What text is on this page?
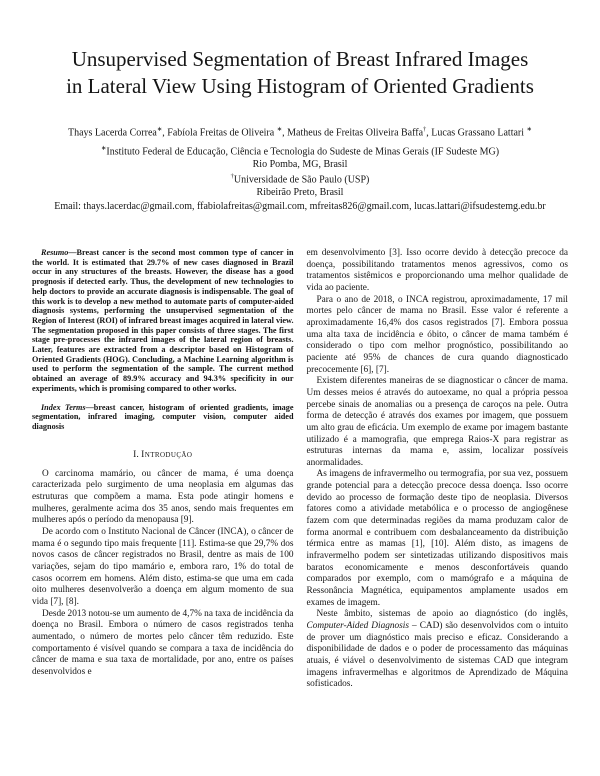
Unsupervised Segmentation of Breast Infrared Images in Lateral View Using Histogram of Oriented Gradients
Thays Lacerda Correa∗, Fabíola Freitas de Oliveira ∗, Matheus de Freitas Oliveira Baffa†, Lucas Grassano Lattari ∗
∗Instituto Federal de Educação, Ciência e Tecnologia do Sudeste de Minas Gerais (IF Sudeste MG)
Rio Pomba, MG, Brasil
†Universidade de São Paulo (USP)
Ribeirão Preto, Brasil
Email: thays.lacerdac@gmail.com, ffabiolafreitas@gmail.com, mfreitas826@gmail.com, lucas.lattari@ifsudestemg.edu.br

Resumo—Breast cancer is the second most common type of cancer in the world. It is estimated that 29.7% of new cases diagnosed in Brazil occur in any structures of the breasts. However, the disease has a good prognosis if detected early. Thus, the development of new technologies to help doctors to provide an accurate diagnosis is indispensable. The goal of this work is to develop a new method to automate parts of computer-aided diagnosis systems, performing the unsupervised segmentation of the Region of Interest (ROI) of infrared breast images acquired in lateral view. The segmentation proposed in this paper consists of three stages. The first stage pre-processes the infrared images of the lateral region of breasts. Later, features are extracted from a descriptor based on Histogram of Oriented Gradients (HOG). Concluding, a Machine Learning algorithm is used to perform the segmentation of the sample. The current method obtained an average of 89.9% accuracy and 94.3% specificity in our experiments, which is promising compared to other works.

Index Terms—breast cancer, histogram of oriented gradients, image segmentation, infrared imaging, computer vision, computer aided diagnosis

I. Introdução

O carcinoma mamário, ou câncer de mama, é uma doença caracterizada pelo surgimento de uma neoplasia em algumas das estruturas que compõem a mama. Esta pode atingir homens e mulheres, geralmente acima dos 35 anos, sendo mais frequentes em mulheres após o período da menopausa [9].

De acordo com o Instituto Nacional de Câncer (INCA), o câncer de mama é o segundo tipo mais frequente [11]. Estima-se que 29,7% dos novos casos de câncer registrados no Brasil, dentre as mais de 100 variações, sejam do tipo mamário e, embora raro, 1% do total de casos ocorrem em homens. Além disto, estima-se que uma em cada oito mulheres desenvolverão a doença em algum momento de sua vida [7], [8].

Desde 2013 notou-se um aumento de 4,7% na taxa de incidência da doença no Brasil. Embora o número de casos registrados tenha aumentado, o número de mortes pelo câncer têm reduzido. Este comportamento é visível quando se compara a taxa de incidência do câncer de mama e sua taxa de mortalidade, por ano, entre os países desenvolvidos e

em desenvolvimento [3]. Isso ocorre devido à detecção precoce da doença, possibilitando tratamentos menos agressivos, como os tratamentos sistêmicos e proporcionando uma melhor qualidade de vida ao paciente.

Para o ano de 2018, o INCA registrou, aproximadamente, 17 mil mortes pelo câncer de mama no Brasil. Esse valor é referente a aproximadamente 16,4% dos casos registrados [7]. Embora possua uma alta taxa de incidência e óbito, o câncer de mama também é considerado o tipo com melhor prognóstico, possibilitando ao paciente até 95% de chances de cura quando diagnosticado precocemente [6], [7].

Existem diferentes maneiras de se diagnosticar o câncer de mama. Um desses meios é através do autoexame, no qual a própria pessoa percebe sinais de anomalias ou a presença de caroços na pele. Outra forma de detecção é através dos exames por imagem, que possuem um alto grau de eficácia. Um exemplo de exame por imagem bastante utilizado é a mamografia, que emprega Raios-X para registrar as estruturas internas da mama e, assim, localizar possíveis anormalidades.

As imagens de infravermelho ou termografia, por sua vez, possuem grande potencial para a detecção precoce dessa doença. Isso ocorre devido ao processo de formação deste tipo de neoplasia. Diversos fatores como a atividade metabólica e o processo de angiogênese fazem com que determinadas regiões da mama produzam calor de forma anormal e contribuem com desbalanceamento da distribuição térmica entre as mamas [1], [10]. Além disto, as imagens de infravermelho podem ser sintetizadas utilizando dispositivos mais baratos economicamente e menos desconfortáveis quando comparados por exemplo, com o mamógrafo e a máquina de Ressonância Magnética, equipamentos amplamente usados em exames de imagem.

Neste âmbito, sistemas de apoio ao diagnóstico (do inglês, Computer-Aided Diagnosis – CAD) são desenvolvidos com o intuito de prover um diagnóstico mais preciso e eficaz. Considerando a disponibilidade de dados e o poder de processamento das máquinas atuais, é viável o desenvolvimento de sistemas CAD que integram imagens infravermelhas e algoritmos de Aprendizado de Máquina sofisticados.
